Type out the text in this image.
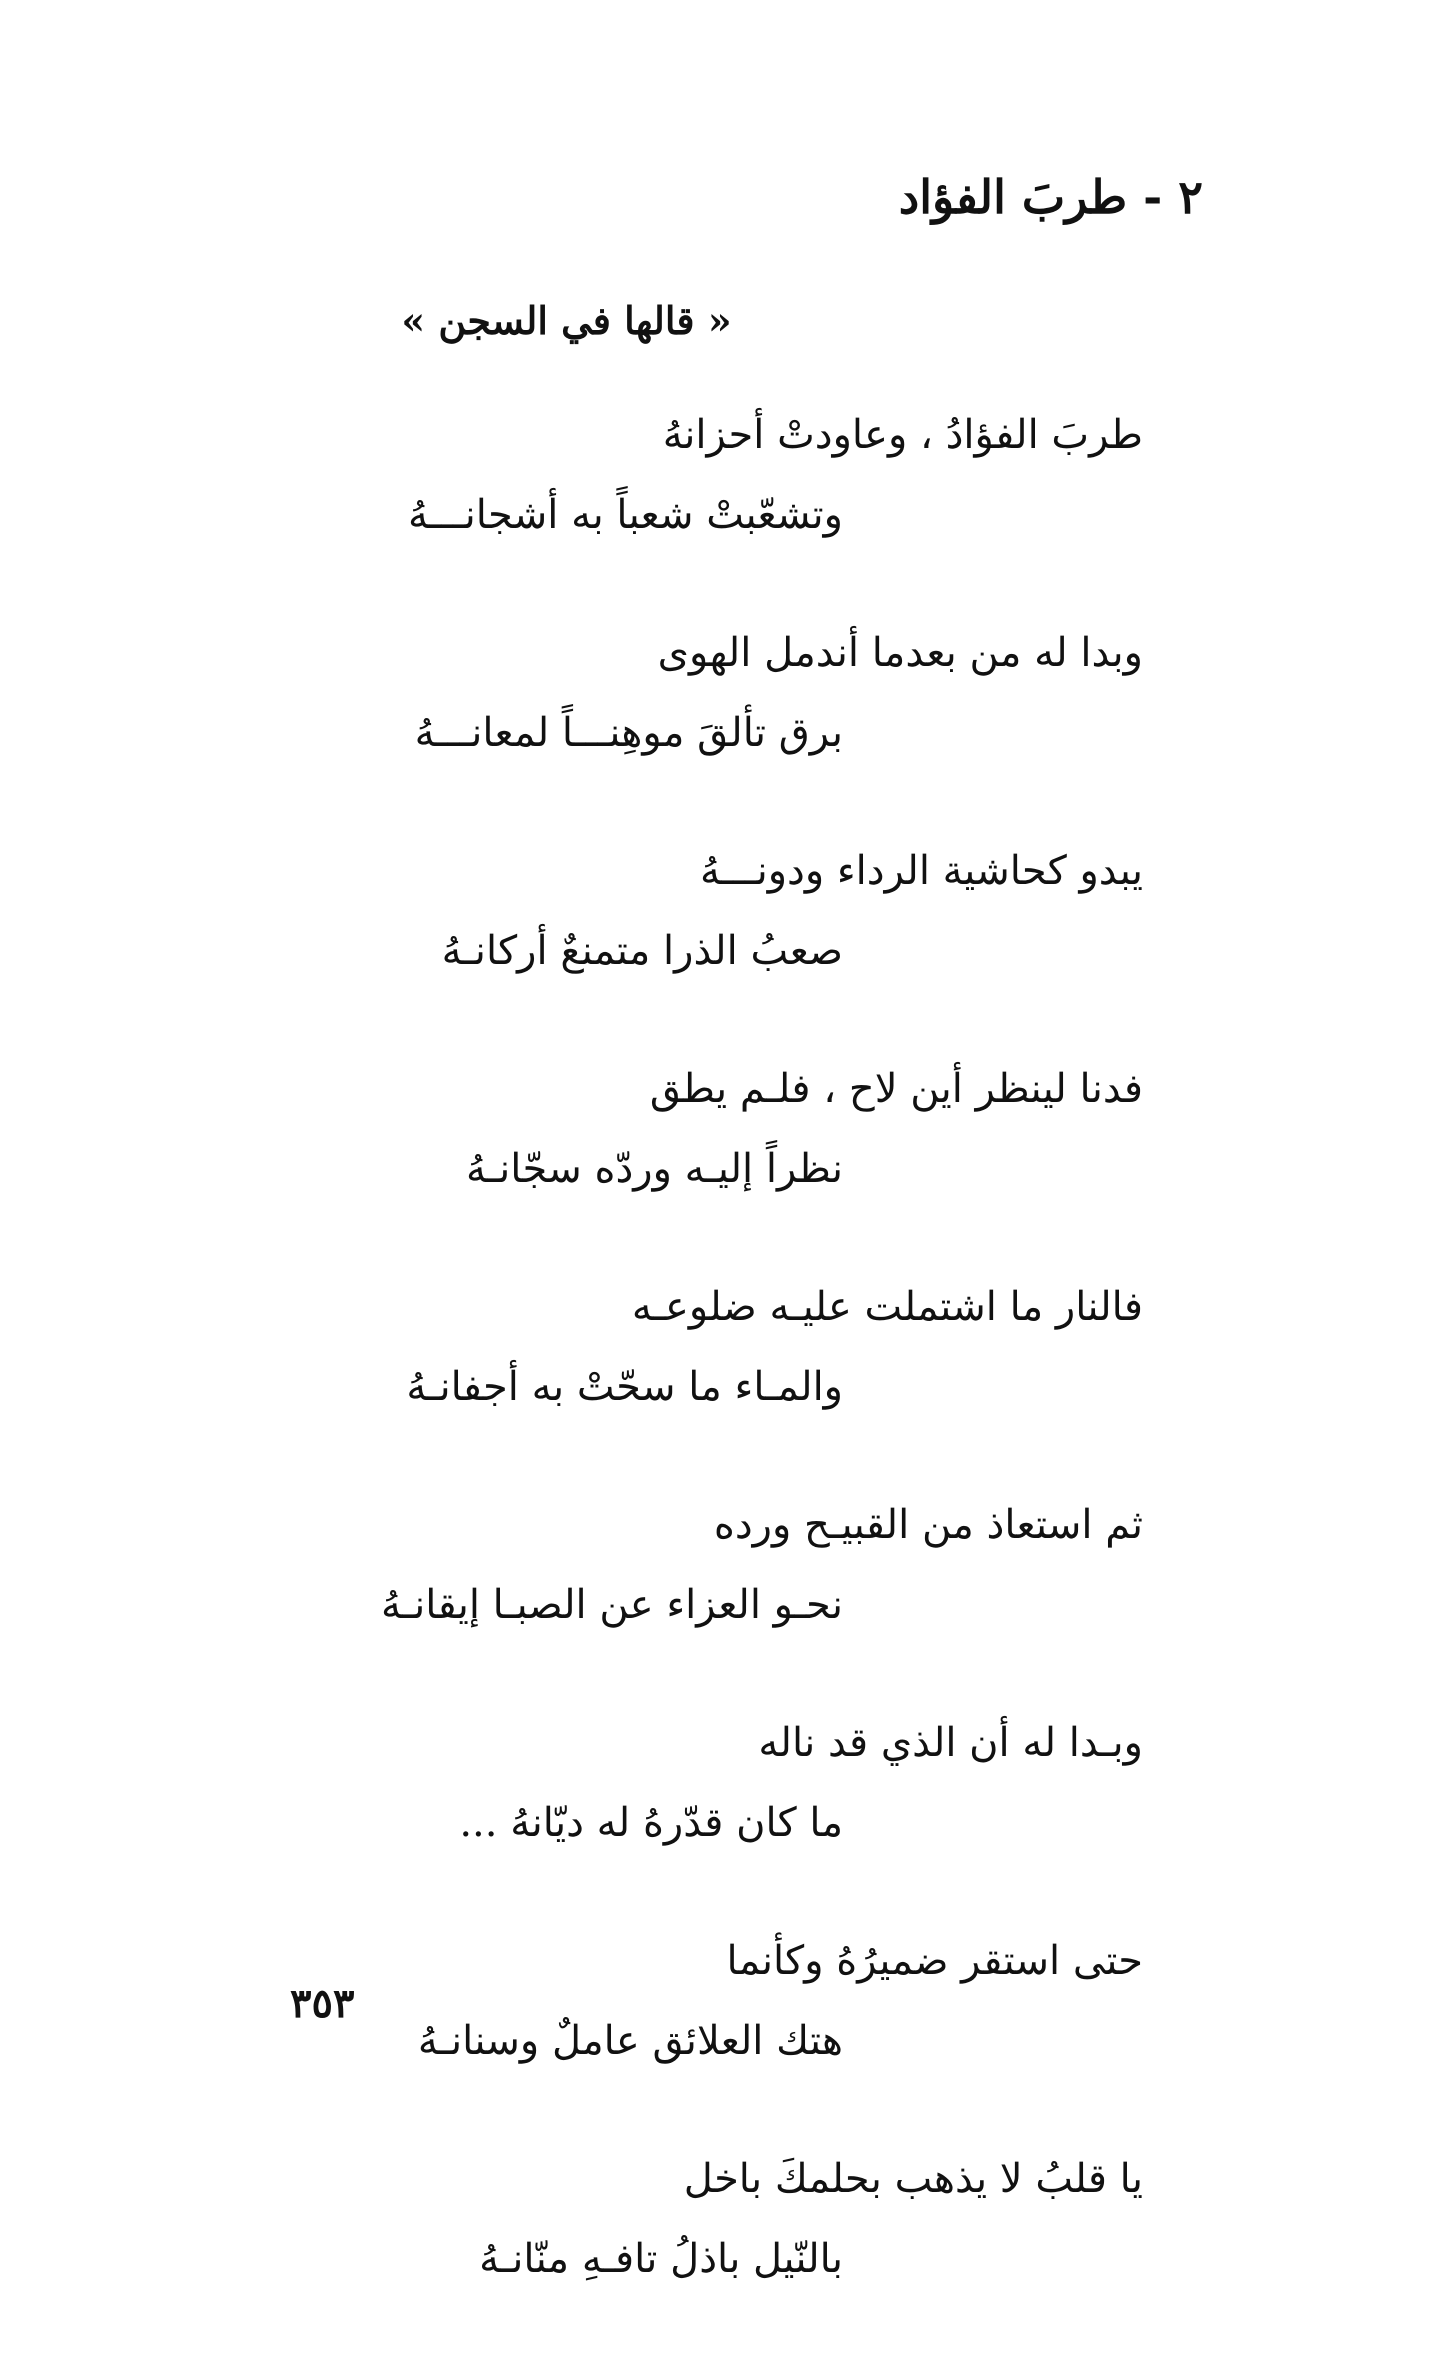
٢ - طربَ الفؤاد
« قالها في السجن »
طربَ الفؤادُ ، وعاودتْ أحزانهُ
وتشعّبتْ شعباً به أشجانـــهُ
وبدا له من بعدما أندمل الهوى
برق تألقَ موهِنـــاً لمعانـــهُ
يبدو كحاشية الرداء ودونـــهُ
صعبُ الذرا متمنعٌ أركانـهُ
فدنا لينظر أين لاح ، فلـم يطق
نظراً إليـه وردّه سجّانـهُ
فالنار ما اشتملت عليـه ضلوعـه
والمـاء ما سحّتْ به أجفانـهُ
ثم استعاذ من القبيـح ورده
نحـو العزاء عن الصبـا إيقانـهُ
وبـدا له أن الذي قد ناله
ما كان قدّرهُ له ديّانهُ ...
حتى استقر ضميرُهُ وكأنما
هتك العلائق عاملٌ وسنانـهُ
يا قلبُ لا يذهب بحلمكَ باخل
بالنّيل باذلُ تافـهِ منّانـهُ
٣٥٣
